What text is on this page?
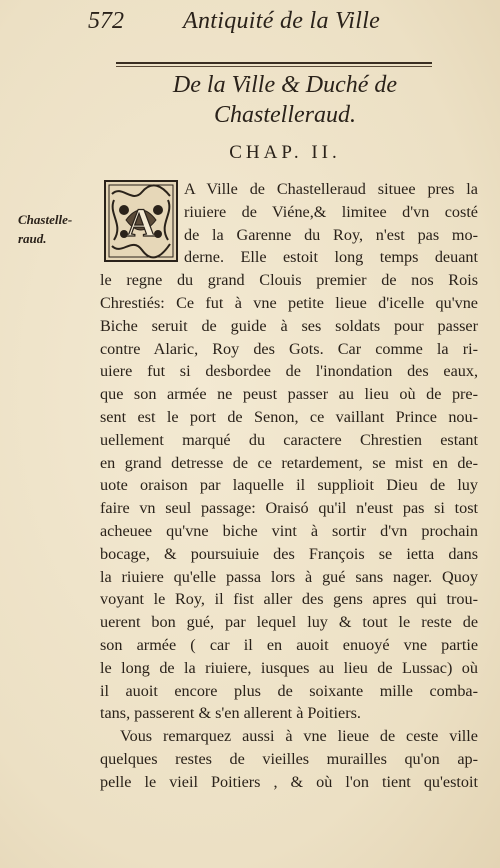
572 Antiquité de la Ville
De la Ville & Duché de
Chastelleraud.
CHAP. II.
Chastelle-
raud.	A
A Ville de Chastelleraud situee pres la
riuiere de Viéne,& limitee d'vn costé
de la Garenne du Roy, n'est pas mo-
derne. Elle estoit long temps deuant
le regne du grand Clouis premier de nos Rois
Chrestiés: Ce fut à vne petite lieue d'icelle qu'vne
Biche seruit de guide à ses soldats pour passer
contre Alaric, Roy des Gots. Car comme la ri-
uiere fut si desbordee de l'inondation des eaux,
que son armée ne peust passer au lieu où de pre-
sent est le port de Senon, ce vaillant Prince nou-
uellement marqué du caractere Chrestien estant
en grand detresse de ce retardement, se mist en de-
uote oraison par laquelle il supplioit Dieu de luy
faire vn seul passage: Oraisó qu'il n'eust pas si tost
acheuee qu'vne biche vint à sortir d'vn prochain
bocage, & poursuiuie des François se ietta dans
la riuiere qu'elle passa lors à gué sans nager. Quoy
voyant le Roy, il fist aller des gens apres qui trou-
uerent bon gué, par lequel luy & tout le reste de
son armée ( car il en auoit enuoyé vne partie
le long de la riuiere, iusques au lieu de Lussac) où
il auoit encore plus de soixante mille comba-
tans, passerent & s'en allerent à Poitiers.
Vous remarquez aussi à vne lieue de ceste ville
quelques restes de vieilles murailles qu'on ap-
pelle le vieil Poitiers , & où l'on tient qu'estoit
